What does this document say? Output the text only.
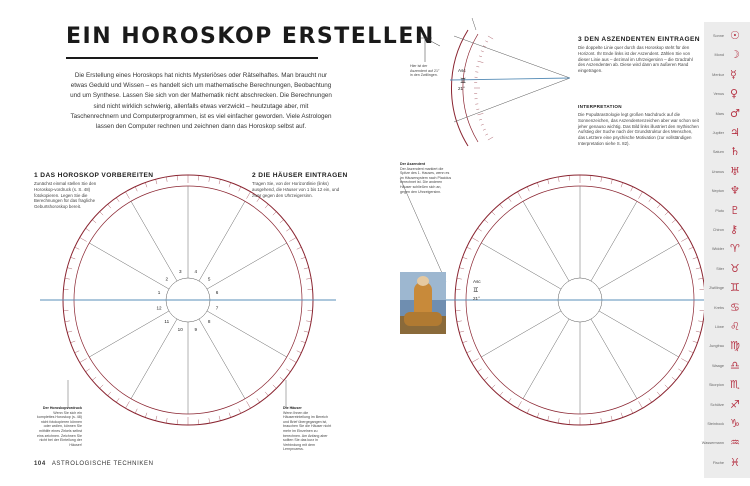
EIN HOROSKOP ERSTELLEN
Die Erstellung eines Horoskops hat nichts Mysteriöses oder Rätselhaftes. Man braucht nur etwas Geduld und Wissen – es handelt sich um mathematische Berechnungen, Beobachtung und um Synthese. Lassen Sie sich von der Mathematik nicht abschrecken. Die Berechnungen sind nicht wirklich schwierig, allenfalls etwas verzwickt – heutzutage aber, mit Taschenrechnern und Computerprogrammen, ist es viel einfacher geworden. Viele Astrologen lassen den Computer rechnen und zeichnen dann das Horoskop selbst auf.
1
2
3	4
5
6
7
8
9
10
11
12
Asc
♊
21°
Asc
♊
21°
1 DAS HOROSKOP VORBEREITEN
Zunächst einmal stellen Sie den Horoskop-vordruck (s. S. 48) fotokopieren. Legen Sie die Berechnungen für das fragliche Geburtshoroskop bereit.
2 DIE HÄUSER EINTRAGEN
Tragen Sie, von der Horizontlinie (links) ausgehend, die Häuser von 1 bis 12 ein, und zwar gegen den Uhrzeigersinn.
Hier ist der Aszendent auf 21° in den Zwillingen.
3 DEN ASZENDENTEN EINTRAGEN
Die doppelte Linie quer durch das Horoskop steht für den Horizont. Ihr Ende links ist der Aszendent. Zählen Sie von dieser Linie aus – dezimal im Uhrzeigersinn – die Gradzahl des Aszendenten ab. Diese wird dann am äußeren Rand eingetragen.
INTERPRETATION
Die Populärastrologie legt großen Nachdruck auf die Sonnenzeichen, das Aszendentenzeichen aber war schon seit jeher genauso wichtig. Das Bild links illustriert den mythischen Aufstieg der Suche nach der Grundstruktur des Menschen, das Letztere eine psychische Motivation (zur vollständigen Interpretation siehe S. 82).
Der Aszendent
Der Aszendent markiert die Spitze des 1. Hauses, wenn es im Häusersystem nach Placidus berechnet ist. Die anderen Häuser schließen sich an, gegen den Uhrzeigersinn.
Der Horoskopvordruck
Wenn Sie sich ein komplettes Horoskop (s. 48) nicht fotokopieren können oder wollen, können Sie mithilfe eines Zirkels selbst eins zeichnen. Zeichnen Sie nicht bei der Einteilung der Häuser!
Die Häuser
Wenn Ihnen die Häusereinteilung im Bereich und Brief übergegangen ist, brauchen Sie die Häuser nicht mehr im Einzelnen zu berechnen. Am Anfang aber sollten Sie das kurz in Verbindung mit dem Lernprozess.
104 ASTROLOGISCHE TECHNIKEN
Sonne ☉
Mond ☽
Merkur ☿
Venus ♀
Mars ♂
Jupiter ♃
Saturn ♄
Uranus ♅
Neptun ♆
Pluto ♇
Chiron ⚷
Widder ♈
Stier ♉
Zwillinge ♊
Krebs ♋
Löwe ♌
Jungfrau ♍
Waage ♎
Skorpion ♏
Schütze ♐
Steinbock ♑
Wassermann ♒
Fische ♓
